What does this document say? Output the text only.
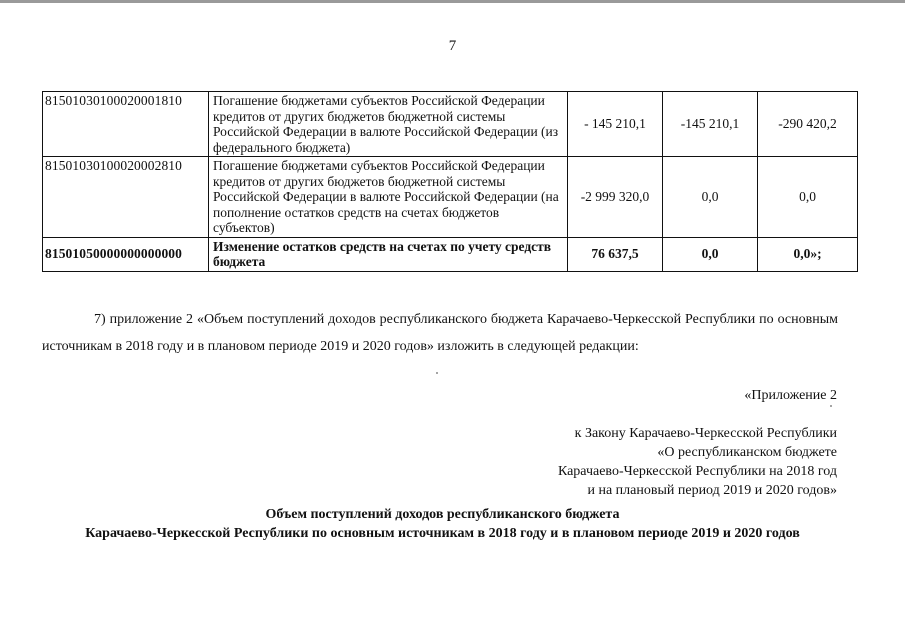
7
81501030100020001810	Погашение бюджетами субъектов Российской Федерации кредитов от других бюджетов бюджетной системы Российской Федерации в валюте Российской Федерации (из федерального бюджета)	- 145 210,1	-145 210,1	-290 420,2
81501030100020002810	Погашение бюджетами субъектов Российской Федерации кредитов от других бюджетов бюджетной системы Российской Федерации в валюте Российской Федерации (на пополнение остатков средств на счетах бюджетов субъектов)	-2 999 320,0	0,0	0,0
81501050000000000000	Изменение остатков средств на счетах по учету средств бюджета	76 637,5	0,0	0,0»;
7) приложение 2 «Объем поступлений доходов республиканского бюджета Карачаево-Черкесской Республики по основным источникам в 2018 году и в плановом периоде 2019 и 2020 годов» изложить в следующей редакции:
«Приложение 2
к Закону Карачаево-Черкесской Республики
«О республиканском бюджете
Карачаево-Черкесской Республики на 2018 год
и на плановый период 2019 и 2020 годов»
Объем поступлений доходов республиканского бюджета
Карачаево-Черкесской Республики по основным источникам в 2018 году и в плановом периоде 2019 и 2020 годов
